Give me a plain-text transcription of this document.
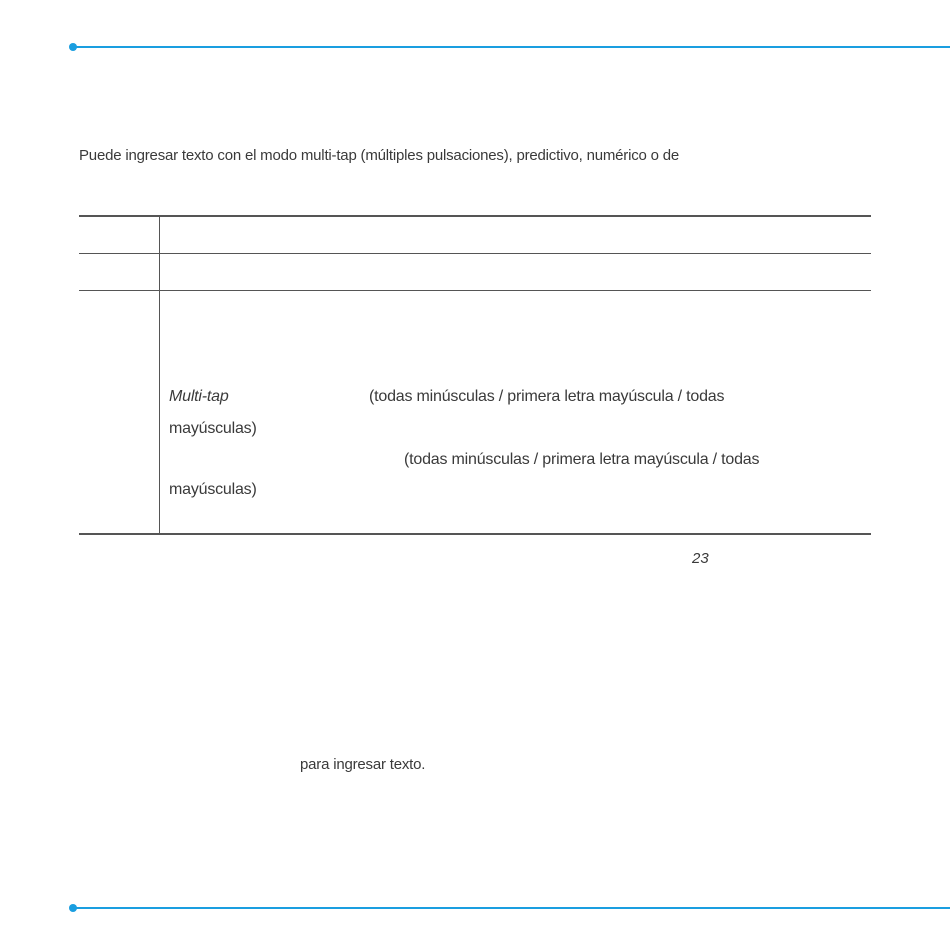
Puede ingresar texto con el modo multi-tap (múltiples pulsaciones), predictivo, numérico o de
Multi-tap	(todas minúsculas / primera letra mayúscula / todas
mayúsculas)
(todas minúsculas / primera letra mayúscula / todas
mayúsculas)
23
para ingresar texto.
